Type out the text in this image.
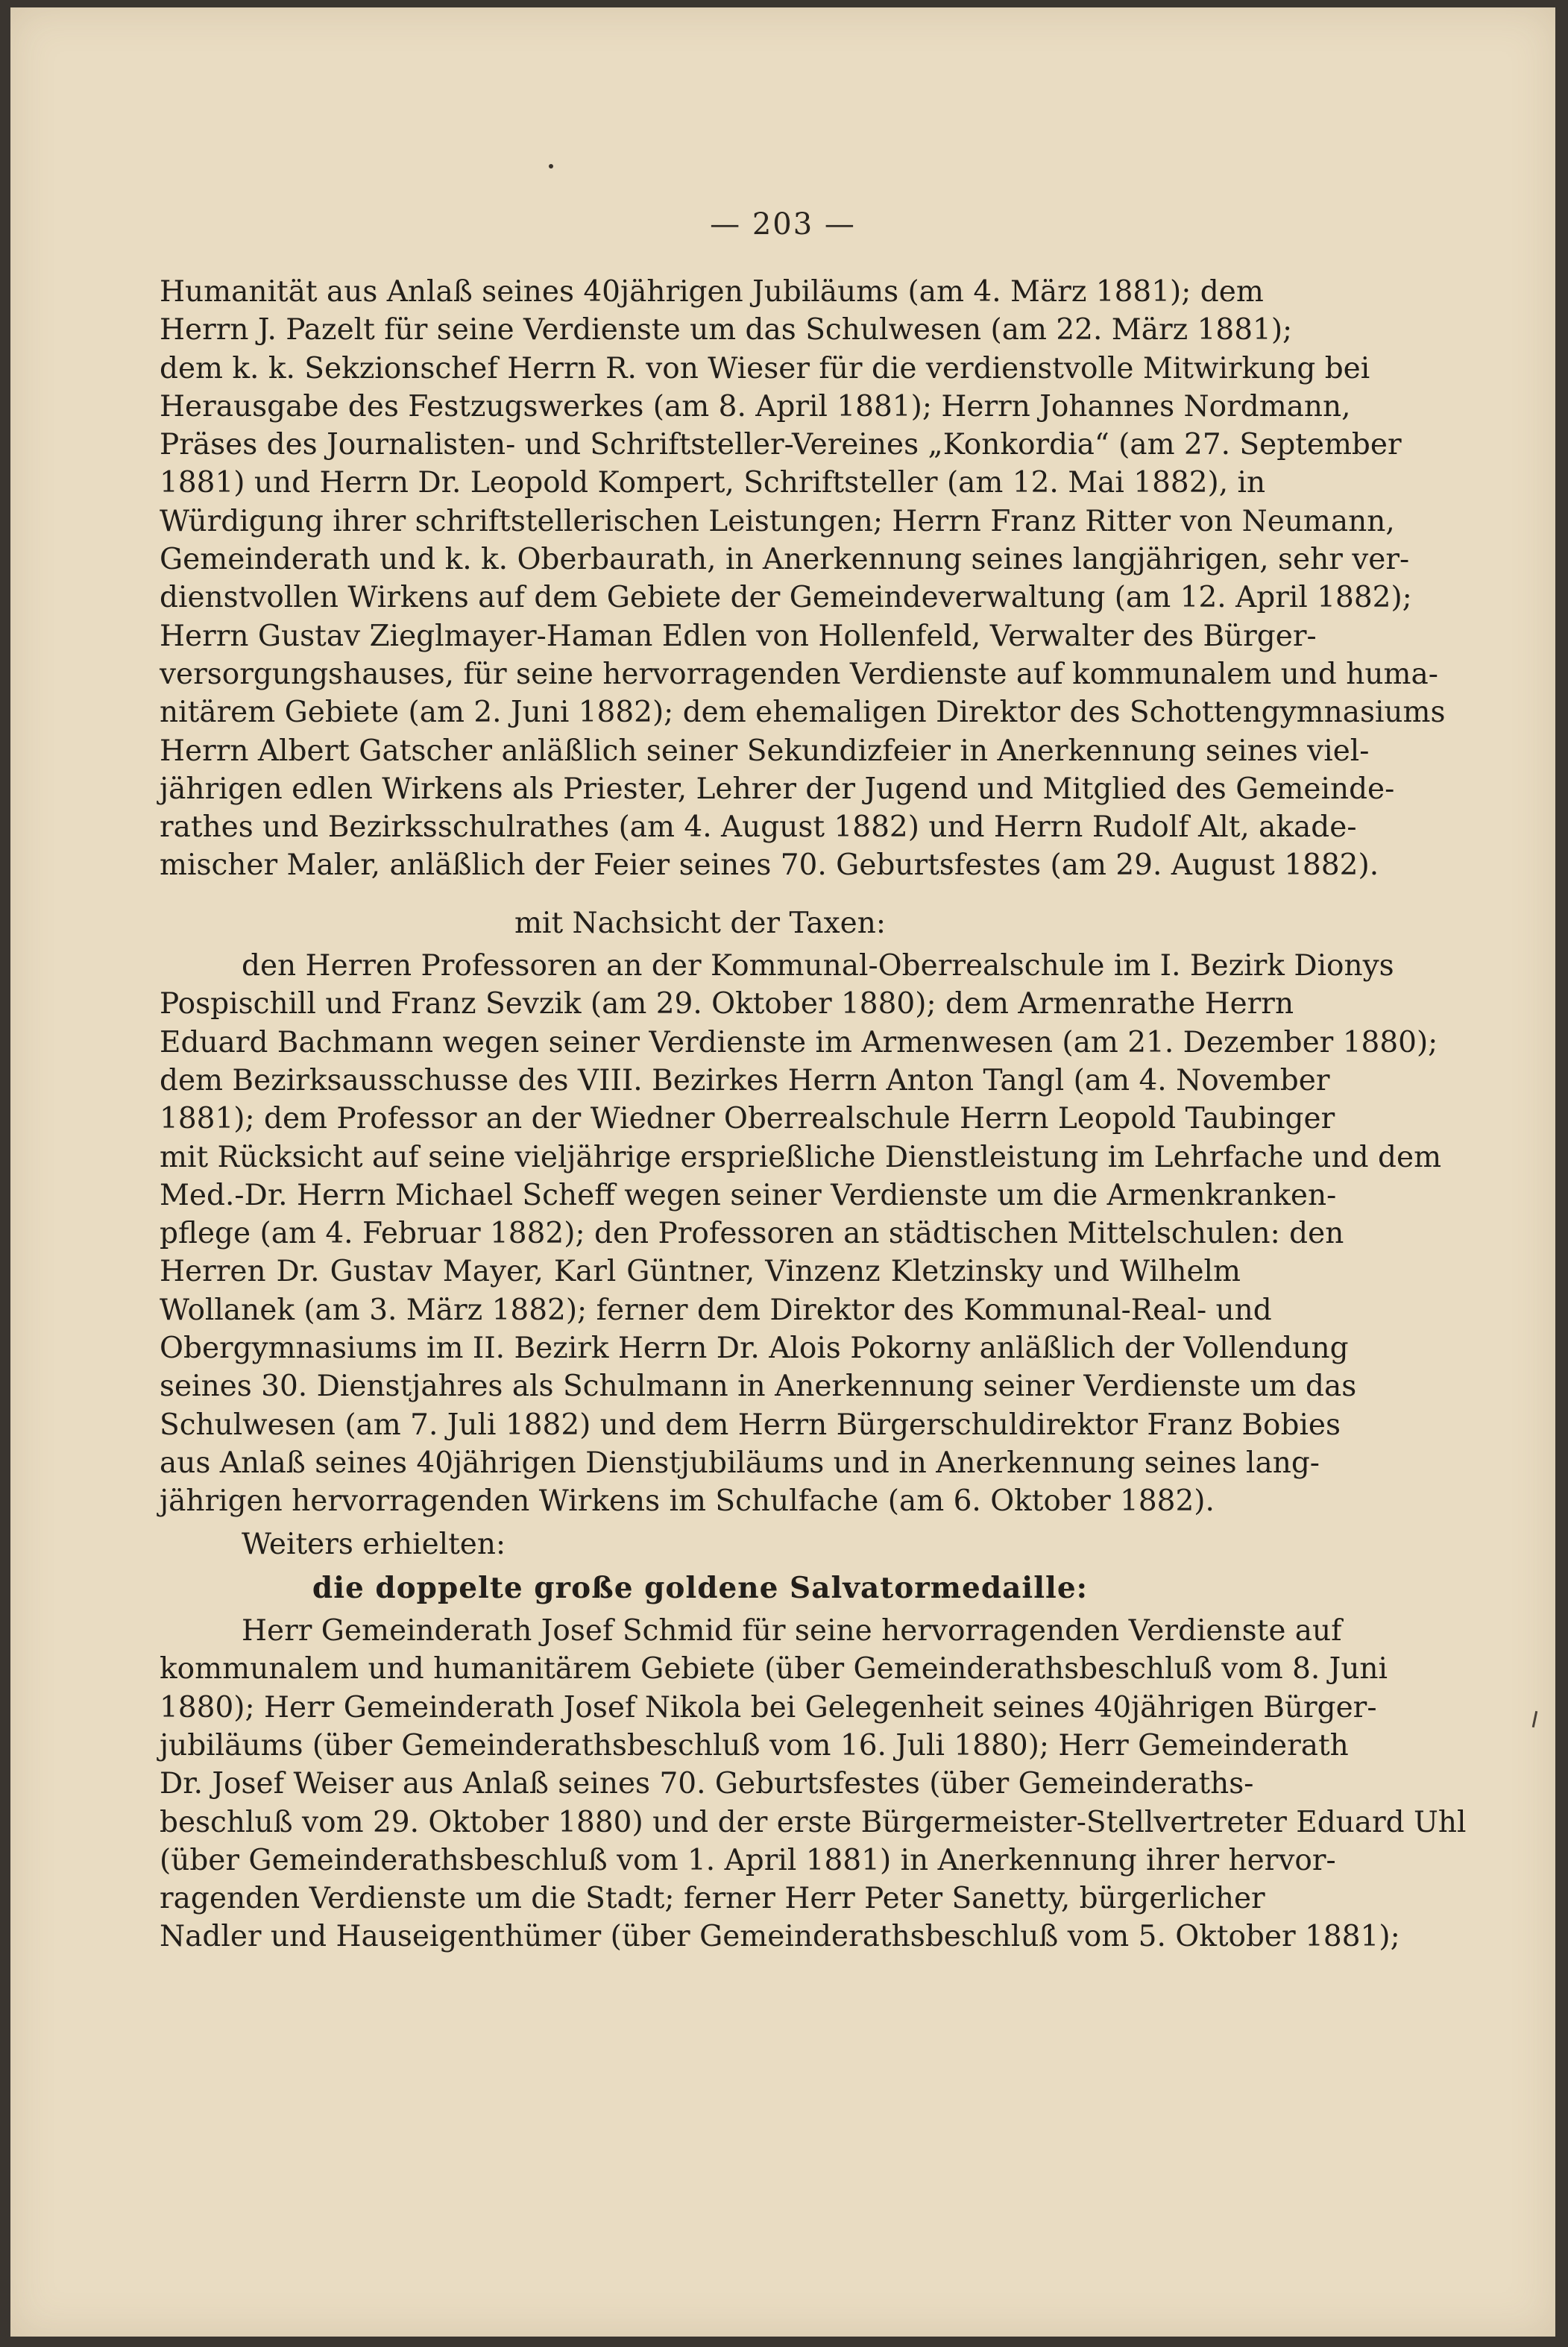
— 203 —
Humanität aus Anlaß seines 40jährigen Jubiläums (am 4. März 1881); dem
Herrn J. Pazelt für seine Verdienste um das Schulwesen (am 22. März 1881);
dem k. k. Sekzionschef Herrn R. von Wieser für die verdienstvolle Mitwirkung bei
Herausgabe des Festzugswerkes (am 8. April 1881); Herrn Johannes Nordmann,
Präses des Journalisten- und Schriftsteller-Vereines „Konkordia“ (am 27. September
1881) und Herrn Dr. Leopold Kompert, Schriftsteller (am 12. Mai 1882), in
Würdigung ihrer schriftstellerischen Leistungen; Herrn Franz Ritter von Neumann,
Gemeinderath und k. k. Oberbaurath, in Anerkennung seines langjährigen, sehr ver-
dienstvollen Wirkens auf dem Gebiete der Gemeindeverwaltung (am 12. April 1882);
Herrn Gustav Zieglmayer-Haman Edlen von Hollenfeld, Verwalter des Bürger-
versorgungshauses, für seine hervorragenden Verdienste auf kommunalem und huma-
nitärem Gebiete (am 2. Juni 1882); dem ehemaligen Direktor des Schottengymnasiums
Herrn Albert Gatscher anläßlich seiner Sekundizfeier in Anerkennung seines viel-
jährigen edlen Wirkens als Priester, Lehrer der Jugend und Mitglied des Gemeinde-
rathes und Bezirksschulrathes (am 4. August 1882) und Herrn Rudolf Alt, akade-
mischer Maler, anläßlich der Feier seines 70. Geburtsfestes (am 29. August 1882).
mit Nachsicht der Taxen:
den Herren Professoren an der Kommunal-Oberrealschule im I. Bezirk Dionys
Pospischill und Franz Sevzik (am 29. Oktober 1880); dem Armenrathe Herrn
Eduard Bachmann wegen seiner Verdienste im Armenwesen (am 21. Dezember 1880);
dem Bezirksausschusse des VIII. Bezirkes Herrn Anton Tangl (am 4. November
1881); dem Professor an der Wiedner Oberrealschule Herrn Leopold Taubinger
mit Rücksicht auf seine vieljährige ersprießliche Dienstleistung im Lehrfache und dem
Med.-Dr. Herrn Michael Scheff wegen seiner Verdienste um die Armenkranken-
pflege (am 4. Februar 1882); den Professoren an städtischen Mittelschulen: den
Herren Dr. Gustav Mayer, Karl Güntner, Vinzenz Kletzinsky und Wilhelm
Wollanek (am 3. März 1882); ferner dem Direktor des Kommunal-Real- und
Obergymnasiums im II. Bezirk Herrn Dr. Alois Pokorny anläßlich der Vollendung
seines 30. Dienstjahres als Schulmann in Anerkennung seiner Verdienste um das
Schulwesen (am 7. Juli 1882) und dem Herrn Bürgerschuldirektor Franz Bobies
aus Anlaß seines 40jährigen Dienstjubiläums und in Anerkennung seines lang-
jährigen hervorragenden Wirkens im Schulfache (am 6. Oktober 1882).
Weiters erhielten:
die doppelte große goldene Salvatormedaille:
Herr Gemeinderath Josef Schmid für seine hervorragenden Verdienste auf
kommunalem und humanitärem Gebiete (über Gemeinderathsbeschluß vom 8. Juni
1880); Herr Gemeinderath Josef Nikola bei Gelegenheit seines 40jährigen Bürger-
jubiläums (über Gemeinderathsbeschluß vom 16. Juli 1880); Herr Gemeinderath
Dr. Josef Weiser aus Anlaß seines 70. Geburtsfestes (über Gemeinderaths-
beschluß vom 29. Oktober 1880) und der erste Bürgermeister-Stellvertreter Eduard Uhl
(über Gemeinderathsbeschluß vom 1. April 1881) in Anerkennung ihrer hervor-
ragenden Verdienste um die Stadt; ferner Herr Peter Sanetty, bürgerlicher
Nadler und Hauseigenthümer (über Gemeinderathsbeschluß vom 5. Oktober 1881);
